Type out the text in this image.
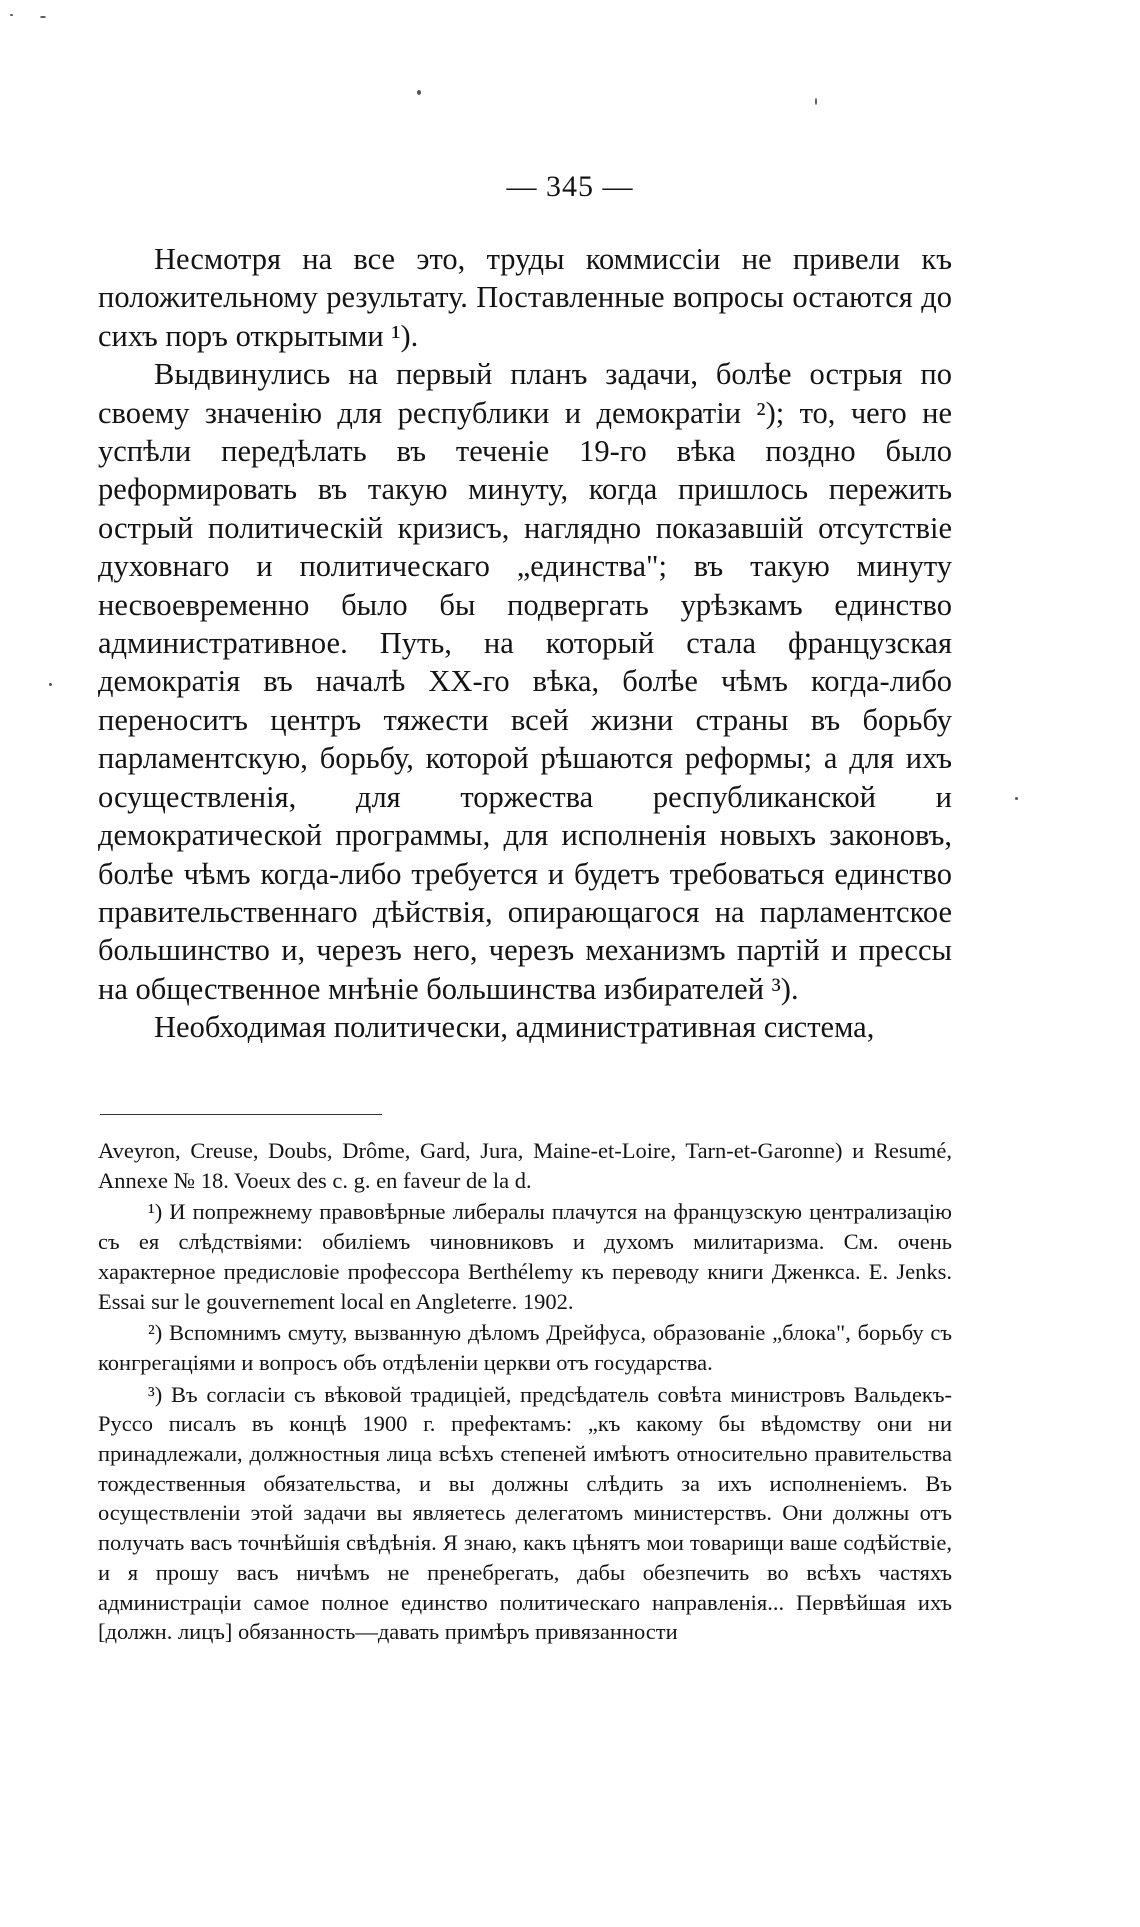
— 345 —

Несмотря на все это, труды коммиссіи не привели къ положительному результату. Поставленные вопросы остаются до сихъ поръ открытыми ¹).

Выдвинулись на первый планъ задачи, болѣе острыя по своему значенію для республики и демократіи ²); то, чего не успѣли передѣлать въ теченіе 19-го вѣка поздно было реформировать въ такую минуту, когда пришлось пережить острый политическій кризисъ, наглядно показавшій отсутствіе духовнаго и политическаго „единства"; въ такую минуту несвоевременно было бы подвергать урѣзкамъ единство административное. Путь, на который стала французская демократія въ началѣ XX-го вѣка, болѣе чѣмъ когда-либо переноситъ центръ тяжести всей жизни страны въ борьбу парламентскую, борьбу, которой рѣшаются реформы; а для ихъ осуществленія, для торжества республиканской и демократической программы, для исполненія новыхъ законовъ, болѣе чѣмъ когда-либо требуется и будетъ требоваться единство правительственнаго дѣйствія, опирающагося на парламентское большинство и, черезъ него, черезъ механизмъ партій и прессы на общественное мнѣніе большинства избирателей ³).

Необходимая политически, административная система,

Aveyron, Creuse, Doubs, Drôme, Gard, Jura, Maine-et-Loire, Tarn-et-Garonne) и Resumé, Annexe № 18. Voeux des c. g. en faveur de la d.

¹) И попрежнему правовѣрные либералы плачутся на французскую централизацію съ ея слѣдствіями: обиліемъ чиновниковъ и духомъ милитаризма. См. очень характерное предисловіе профессора Berthélemy къ переводу книги Дженкса. E. Jenks. Essai sur le gouvernement local en Angleterre. 1902.

²) Вспомнимъ смуту, вызванную дѣломъ Дрейфуса, образованіе „блока", борьбу съ конгрегаціями и вопросъ объ отдѣленіи церкви отъ государства.

³) Въ согласіи съ вѣковой традиціей, предсѣдатель совѣта министровъ Вальдекъ-Руссо писалъ въ концѣ 1900 г. префектамъ: „къ какому бы вѣдомству они ни принадлежали, должностныя лица всѣхъ степеней имѣютъ относительно правительства тождественныя обязательства, и вы должны слѣдить за ихъ исполненіемъ. Въ осуществленіи этой задачи вы являетесь делегатомъ министерствъ. Они должны отъ получать васъ точнѣйшія свѣдѣнія. Я знаю, какъ цѣнятъ мои товарищи ваше содѣйствіе, и я прошу васъ ничѣмъ не пренебрегать, дабы обезпечить во всѣхъ частяхъ администраціи самое полное единство политическаго направленія... Первѣйшая ихъ [должн. лицъ] обязанность—давать примѣръ привязанности
